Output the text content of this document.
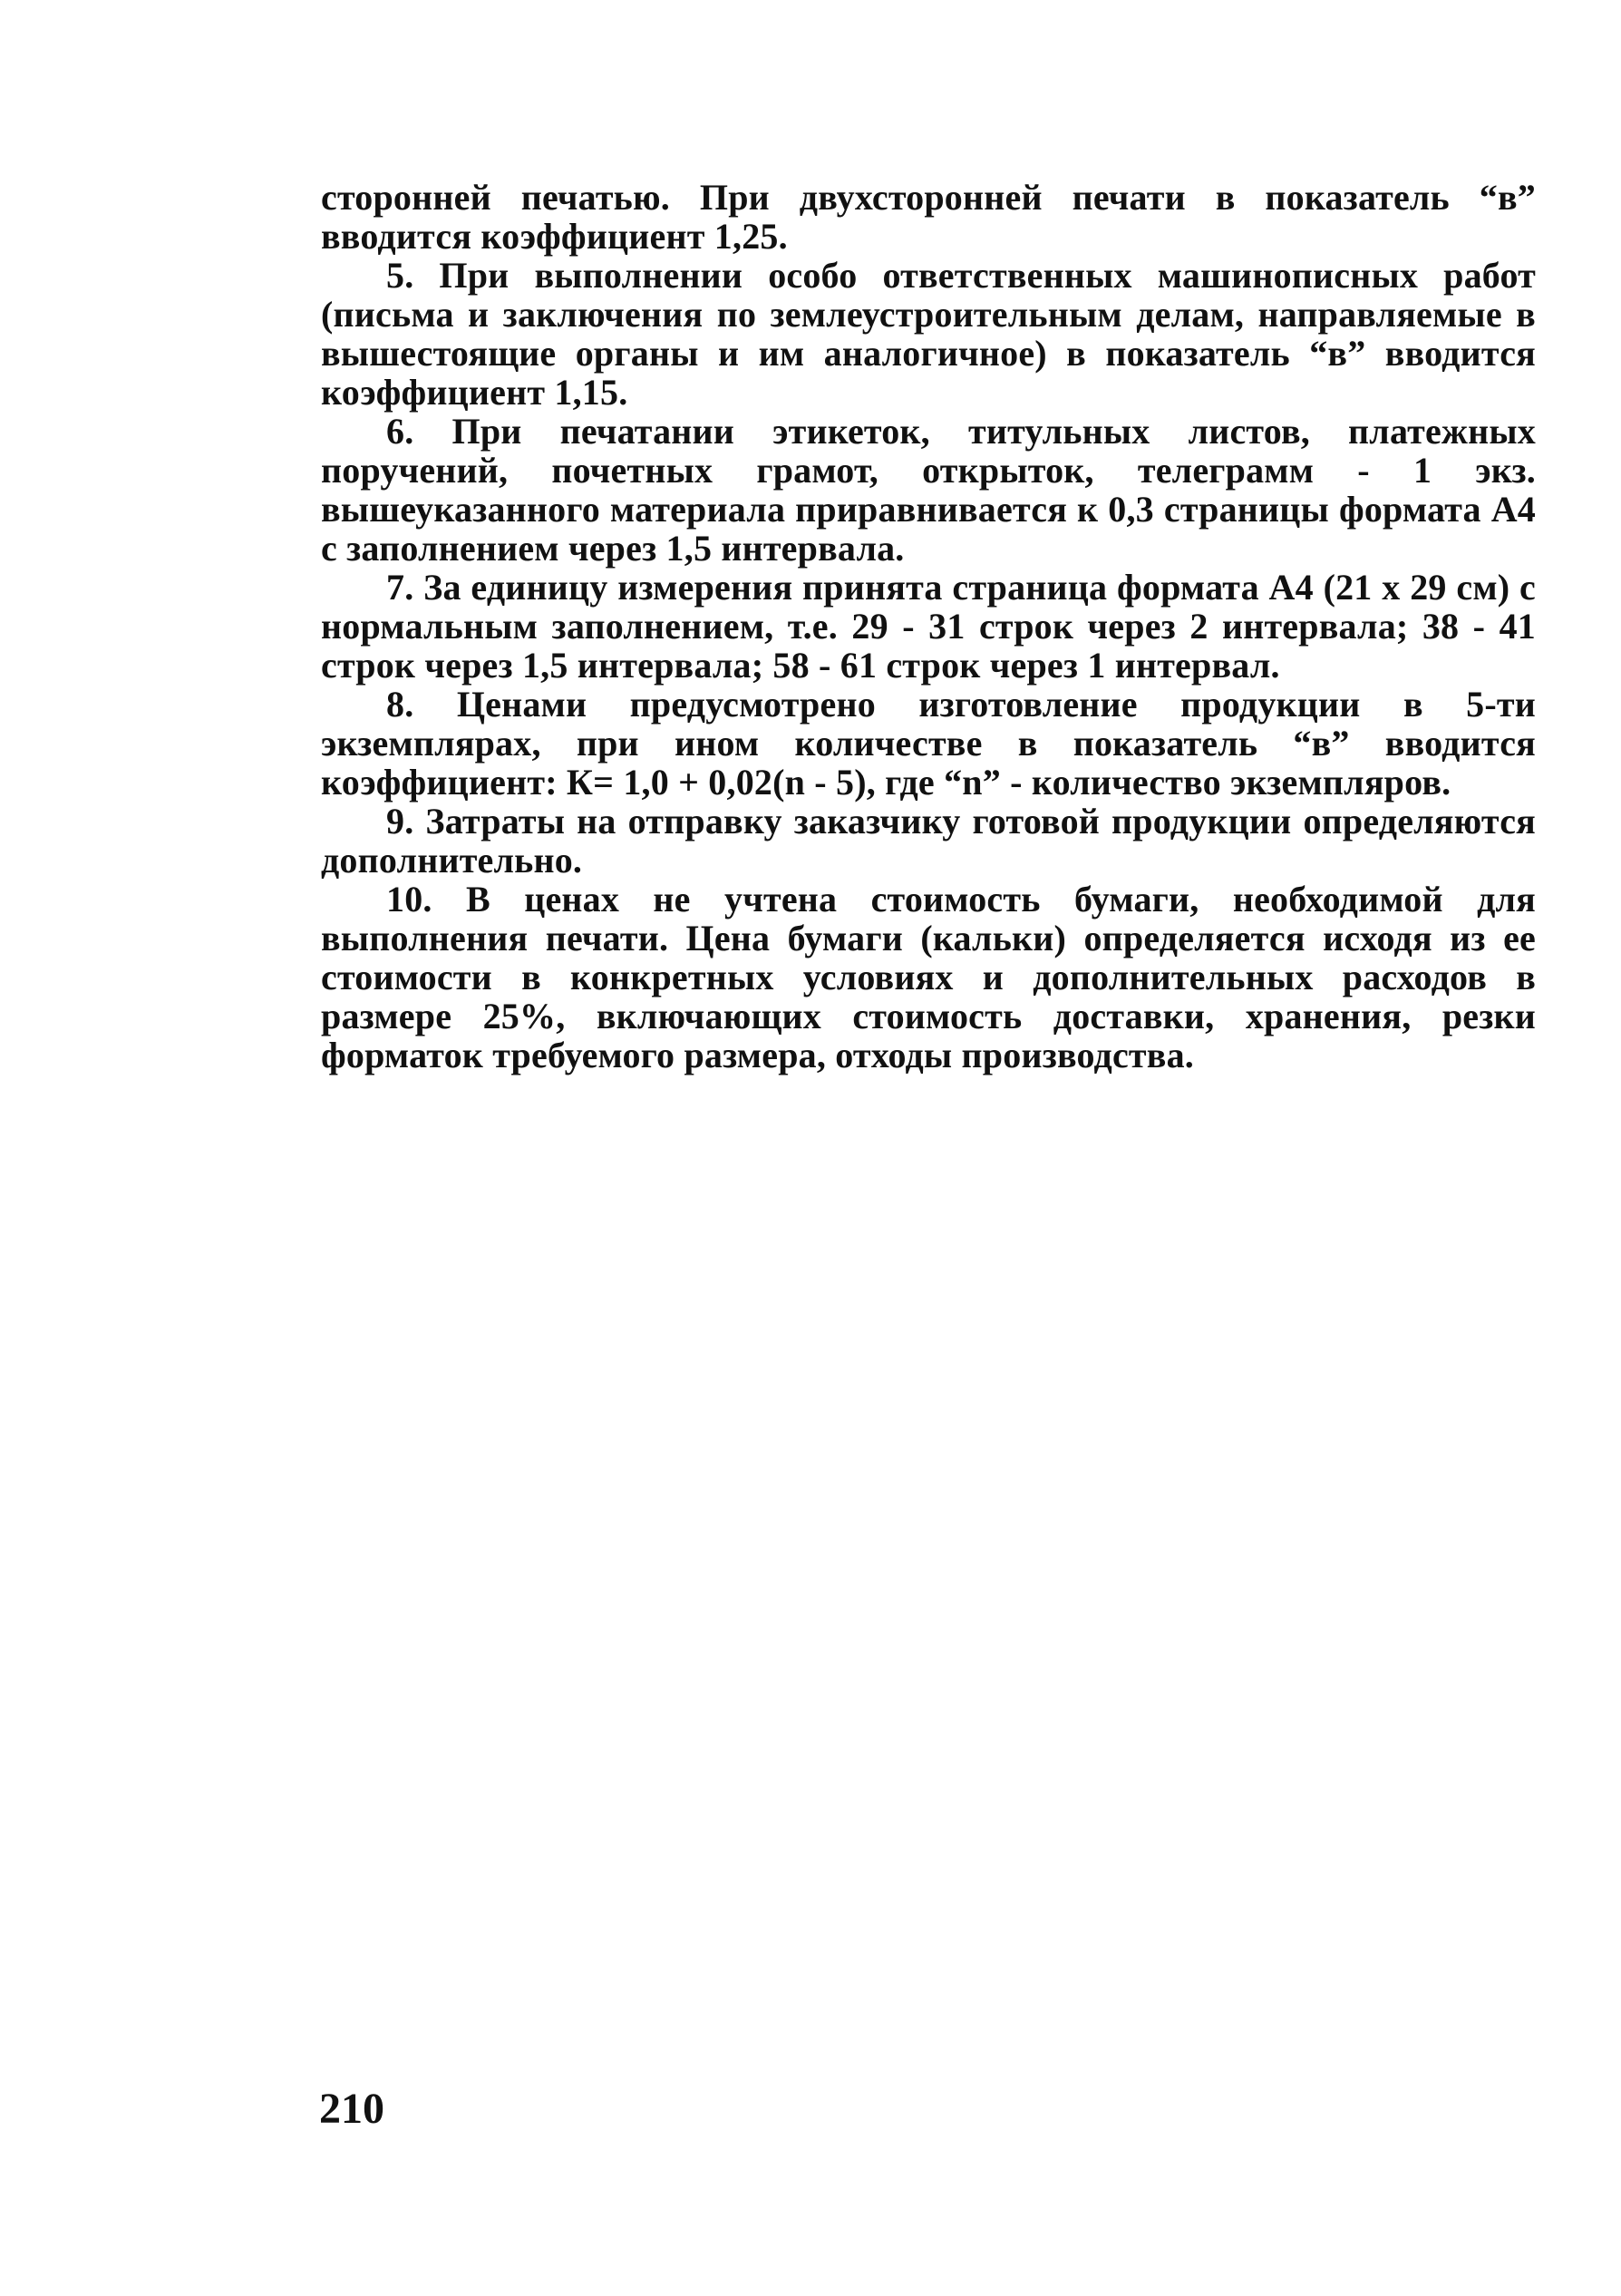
сторонней печатью. При двухсторонней печати в показатель “в” вводится коэффициент 1,25.

5. При выполнении особо ответственных машинописных работ (письма и заключения по землеустроительным делам, направляемые в вышестоящие органы и им аналогичное) в показатель “в” вводится коэффициент 1,15.

6. При печатании этикеток, титульных листов, платежных поручений, почетных грамот, открыток, телеграмм - 1 экз. вышеуказанного материала приравнивается к 0,3 страницы формата А4 с заполнением через 1,5 интервала.

7. За единицу измерения принята страница формата А4 (21 х 29 см) с нормальным заполнением, т.е. 29 - 31 строк через 2 интервала; 38 - 41 строк через 1,5 интервала; 58 - 61 строк через 1 интервал.

8. Ценами предусмотрено изготовление продукции в 5-ти экземплярах, при ином количестве в показатель “в” вводится коэффициент: К= 1,0 + 0,02(n - 5), где “n” - количество экземпляров.

9. Затраты на отправку заказчику готовой продукции определяются дополнительно.

10. В ценах не учтена стоимость бумаги, необходимой для выполнения печати. Цена бумаги (кальки) определяется исходя из ее стоимости в конкретных условиях и дополнительных расходов в размере 25%, включающих стоимость доставки, хранения, резки форматок требуемого размера, отходы производства.

210
